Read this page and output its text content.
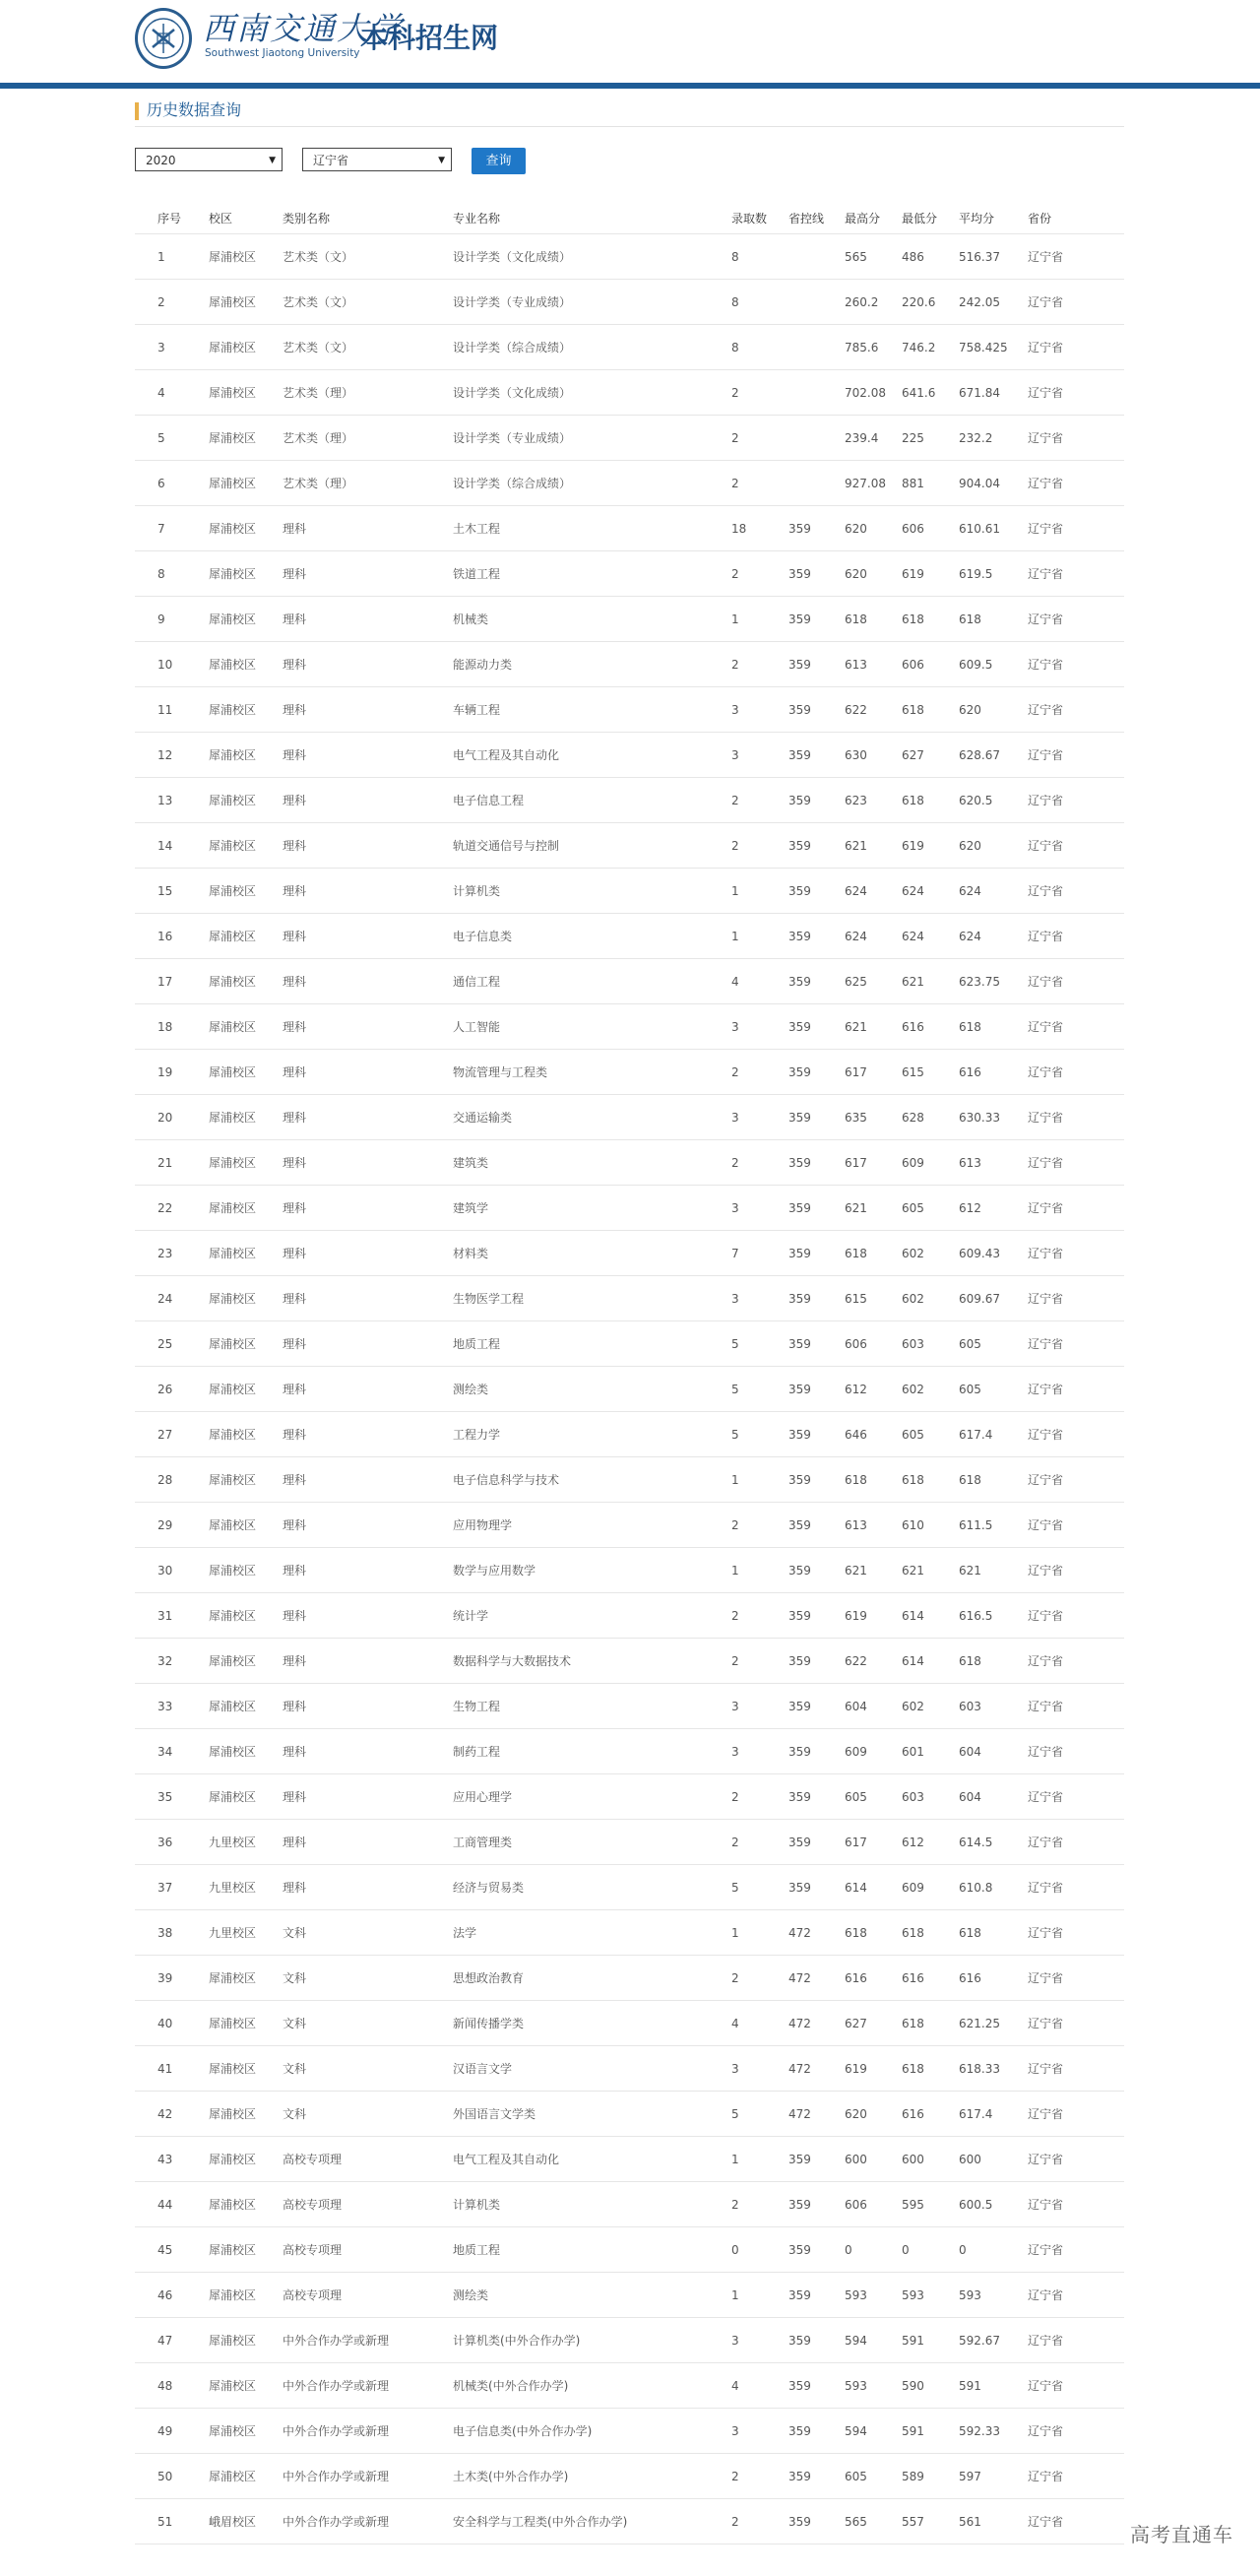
西南交通大学
Southwest Jiaotong University 本科招生网
历史数据查询
2020	▼	辽宁省	▼	查询
序号	校区	类别名称	专业名称	录取数	省控线	最高分	最低分	平均分	省份
1	犀浦校区	艺术类（文）	设计学类（文化成绩）	8		565	486	516.37	辽宁省
2	犀浦校区	艺术类（文）	设计学类（专业成绩）	8		260.2	220.6	242.05	辽宁省
3	犀浦校区	艺术类（文）	设计学类（综合成绩）	8		785.6	746.2	758.425	辽宁省
4	犀浦校区	艺术类（理）	设计学类（文化成绩）	2		702.08	641.6	671.84	辽宁省
5	犀浦校区	艺术类（理）	设计学类（专业成绩）	2		239.4	225	232.2	辽宁省
6	犀浦校区	艺术类（理）	设计学类（综合成绩）	2		927.08	881	904.04	辽宁省
7	犀浦校区	理科	土木工程	18	359	620	606	610.61	辽宁省
8	犀浦校区	理科	铁道工程	2	359	620	619	619.5	辽宁省
9	犀浦校区	理科	机械类	1	359	618	618	618	辽宁省
10	犀浦校区	理科	能源动力类	2	359	613	606	609.5	辽宁省
11	犀浦校区	理科	车辆工程	3	359	622	618	620	辽宁省
12	犀浦校区	理科	电气工程及其自动化	3	359	630	627	628.67	辽宁省
13	犀浦校区	理科	电子信息工程	2	359	623	618	620.5	辽宁省
14	犀浦校区	理科	轨道交通信号与控制	2	359	621	619	620	辽宁省
15	犀浦校区	理科	计算机类	1	359	624	624	624	辽宁省
16	犀浦校区	理科	电子信息类	1	359	624	624	624	辽宁省
17	犀浦校区	理科	通信工程	4	359	625	621	623.75	辽宁省
18	犀浦校区	理科	人工智能	3	359	621	616	618	辽宁省
19	犀浦校区	理科	物流管理与工程类	2	359	617	615	616	辽宁省
20	犀浦校区	理科	交通运输类	3	359	635	628	630.33	辽宁省
21	犀浦校区	理科	建筑类	2	359	617	609	613	辽宁省
22	犀浦校区	理科	建筑学	3	359	621	605	612	辽宁省
23	犀浦校区	理科	材料类	7	359	618	602	609.43	辽宁省
24	犀浦校区	理科	生物医学工程	3	359	615	602	609.67	辽宁省
25	犀浦校区	理科	地质工程	5	359	606	603	605	辽宁省
26	犀浦校区	理科	测绘类	5	359	612	602	605	辽宁省
27	犀浦校区	理科	工程力学	5	359	646	605	617.4	辽宁省
28	犀浦校区	理科	电子信息科学与技术	1	359	618	618	618	辽宁省
29	犀浦校区	理科	应用物理学	2	359	613	610	611.5	辽宁省
30	犀浦校区	理科	数学与应用数学	1	359	621	621	621	辽宁省
31	犀浦校区	理科	统计学	2	359	619	614	616.5	辽宁省
32	犀浦校区	理科	数据科学与大数据技术	2	359	622	614	618	辽宁省
33	犀浦校区	理科	生物工程	3	359	604	602	603	辽宁省
34	犀浦校区	理科	制药工程	3	359	609	601	604	辽宁省
35	犀浦校区	理科	应用心理学	2	359	605	603	604	辽宁省
36	九里校区	理科	工商管理类	2	359	617	612	614.5	辽宁省
37	九里校区	理科	经济与贸易类	5	359	614	609	610.8	辽宁省
38	九里校区	文科	法学	1	472	618	618	618	辽宁省
39	犀浦校区	文科	思想政治教育	2	472	616	616	616	辽宁省
40	犀浦校区	文科	新闻传播学类	4	472	627	618	621.25	辽宁省
41	犀浦校区	文科	汉语言文学	3	472	619	618	618.33	辽宁省
42	犀浦校区	文科	外国语言文学类	5	472	620	616	617.4	辽宁省
43	犀浦校区	高校专项理	电气工程及其自动化	1	359	600	600	600	辽宁省
44	犀浦校区	高校专项理	计算机类	2	359	606	595	600.5	辽宁省
45	犀浦校区	高校专项理	地质工程	0	359	0	0	0	辽宁省
46	犀浦校区	高校专项理	测绘类	1	359	593	593	593	辽宁省
47	犀浦校区	中外合作办学或新理	计算机类(中外合作办学)	3	359	594	591	592.67	辽宁省
48	犀浦校区	中外合作办学或新理	机械类(中外合作办学)	4	359	593	590	591	辽宁省
49	犀浦校区	中外合作办学或新理	电子信息类(中外合作办学)	3	359	594	591	592.33	辽宁省
50	犀浦校区	中外合作办学或新理	土木类(中外合作办学)	2	359	605	589	597	辽宁省
51	峨眉校区	中外合作办学或新理	安全科学与工程类(中外合作办学)	2	359	565	557	561	辽宁省
高考直通车
